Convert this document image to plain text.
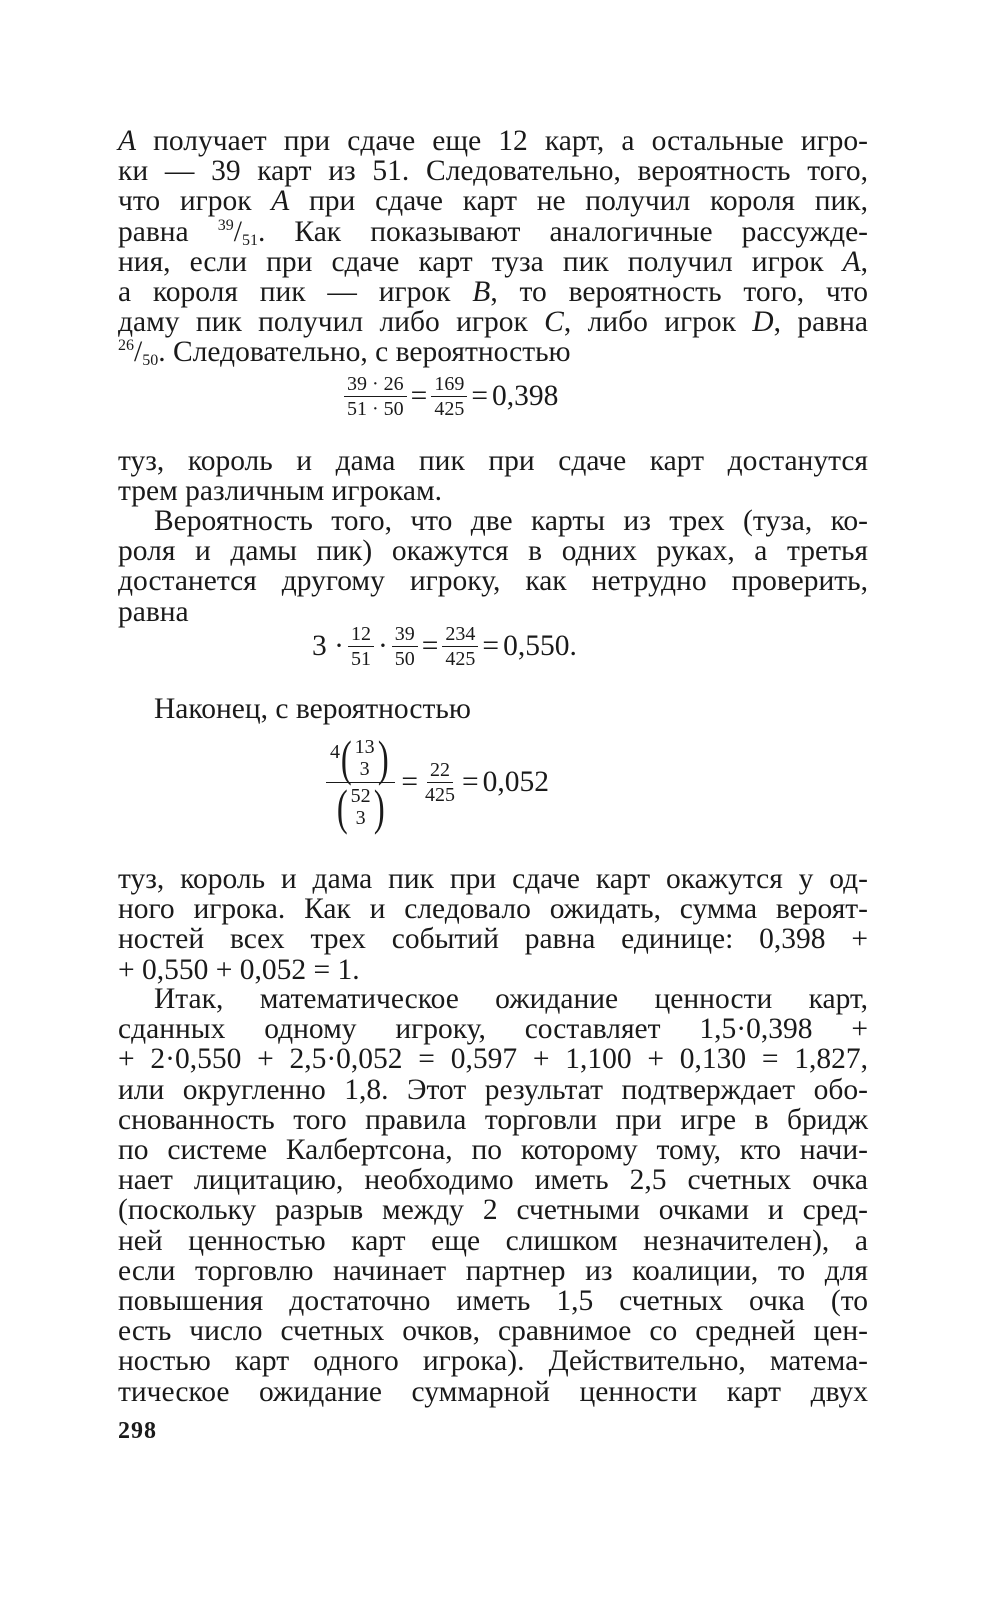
А получает при сдаче еще 12 карт, а остальные игро-
ки — 39 карт из 51. Следовательно, вероятность того,
что игрок А при сдаче карт не получил короля пик,
равна $^{39}/_{51}$. Как показывают аналогичные рассужде-
ния, если при сдаче карт туза пик получил игрок А,
а короля пик — игрок В, то вероятность того, что
даму пик получил либо игрок С, либо игрок D, равна
$^{26}/_{50}$. Следовательно, с вероятностью

$\frac{39 \cdot 26}{51 \cdot 50} = \frac{169}{425} = 0,398$

туз, король и дама пик при сдаче карт достанутся
трем различным игрокам.

Вероятность того, что две карты из трех (туза, ко-
роля и дамы пик) окажутся в одних руках, а третья
достанется другому игроку, как нетрудно проверить,
равна

$3 \cdot \frac{12}{51} \cdot \frac{39}{50} = \frac{234}{425} = 0,550$.

Наконец, с вероятностью

4 ( 13
3 )
( 52
3 ) = $\frac{22}{425} = 0,052$

туз, король и дама пик при сдаче карт окажутся у од-
ного игрока. Как и следовало ожидать, сумма вероят-
ностей всех трех событий равна единице: 0,398 +
+ 0,550 + 0,052 = 1.

Итак, математическое ожидание ценности карт,
сданных одному игроку, составляет 1,5·0,398 +
+ 2·0,550 + 2,5·0,052 = 0,597 + 1,100 + 0,130 = 1,827,
или округленно 1,8. Этот результат подтверждает обо-
снованность того правила торговли при игре в бридж
по системе Калбертсона, по которому тому, кто начи-
нает лицитацию, необходимо иметь 2,5 счетных очка
(поскольку разрыв между 2 счетными очками и сред-
ней ценностью карт еще слишком незначителен), а
если торговлю начинает партнер из коалиции, то для
повышения достаточно иметь 1,5 счетных очка (то
есть число счетных очков, сравнимое со средней цен-
ностью карт одного игрока). Действительно, матема-
тическое ожидание суммарной ценности карт двух

298
